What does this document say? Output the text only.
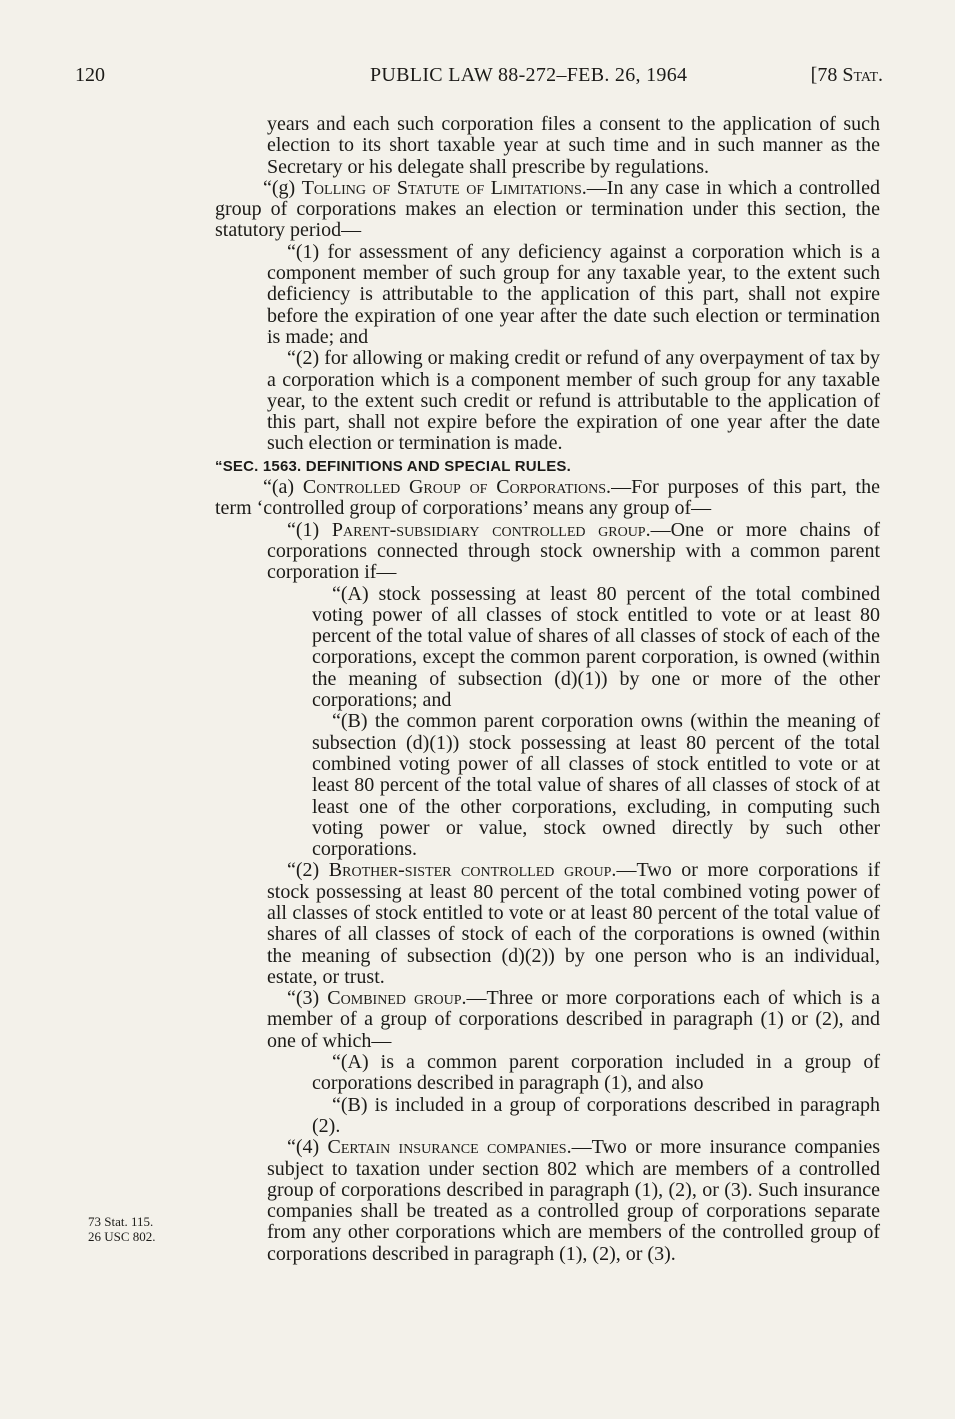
120	PUBLIC LAW 88-272–FEB. 26, 1964	[78 Stat.
73 Stat. 115.
26 USC 802.

years and each such corporation files a consent to the application of such election to its short taxable year at such time and in such manner as the Secretary or his delegate shall prescribe by regulations.

“(g) Tolling of Statute of Limitations.—In any case in which a controlled group of corporations makes an election or termination under this section, the statutory period—

“(1) for assessment of any deficiency against a corporation which is a component member of such group for any taxable year, to the extent such deficiency is attributable to the application of this part, shall not expire before the expiration of one year after the date such election or termination is made; and

“(2) for allowing or making credit or refund of any overpayment of tax by a corporation which is a component member of such group for any taxable year, to the extent such credit or refund is attributable to the application of this part, shall not expire before the expiration of one year after the date such election or termination is made.

“SEC. 1563. DEFINITIONS AND SPECIAL RULES.

“(a) Controlled Group of Corporations.—For purposes of this part, the term ‘controlled group of corporations’ means any group of—

“(1) Parent-subsidiary controlled group.—One or more chains of corporations connected through stock ownership with a common parent corporation if—

“(A) stock possessing at least 80 percent of the total combined voting power of all classes of stock entitled to vote or at least 80 percent of the total value of shares of all classes of stock of each of the corporations, except the common parent corporation, is owned (within the meaning of subsection (d)(1)) by one or more of the other corporations; and

“(B) the common parent corporation owns (within the meaning of subsection (d)(1)) stock possessing at least 80 percent of the total combined voting power of all classes of stock entitled to vote or at least 80 percent of the total value of shares of all classes of stock of at least one of the other corporations, excluding, in computing such voting power or value, stock owned directly by such other corporations.

“(2) Brother-sister controlled group.—Two or more corporations if stock possessing at least 80 percent of the total combined voting power of all classes of stock entitled to vote or at least 80 percent of the total value of shares of all classes of stock of each of the corporations is owned (within the meaning of subsection (d)(2)) by one person who is an individual, estate, or trust.

“(3) Combined group.—Three or more corporations each of which is a member of a group of corporations described in paragraph (1) or (2), and one of which—

“(A) is a common parent corporation included in a group of corporations described in paragraph (1), and also

“(B) is included in a group of corporations described in paragraph (2).

“(4) Certain insurance companies.—Two or more insurance companies subject to taxation under section 802 which are members of a controlled group of corporations described in paragraph (1), (2), or (3). Such insurance companies shall be treated as a controlled group of corporations separate from any other corporations which are members of the controlled group of corporations described in paragraph (1), (2), or (3).
